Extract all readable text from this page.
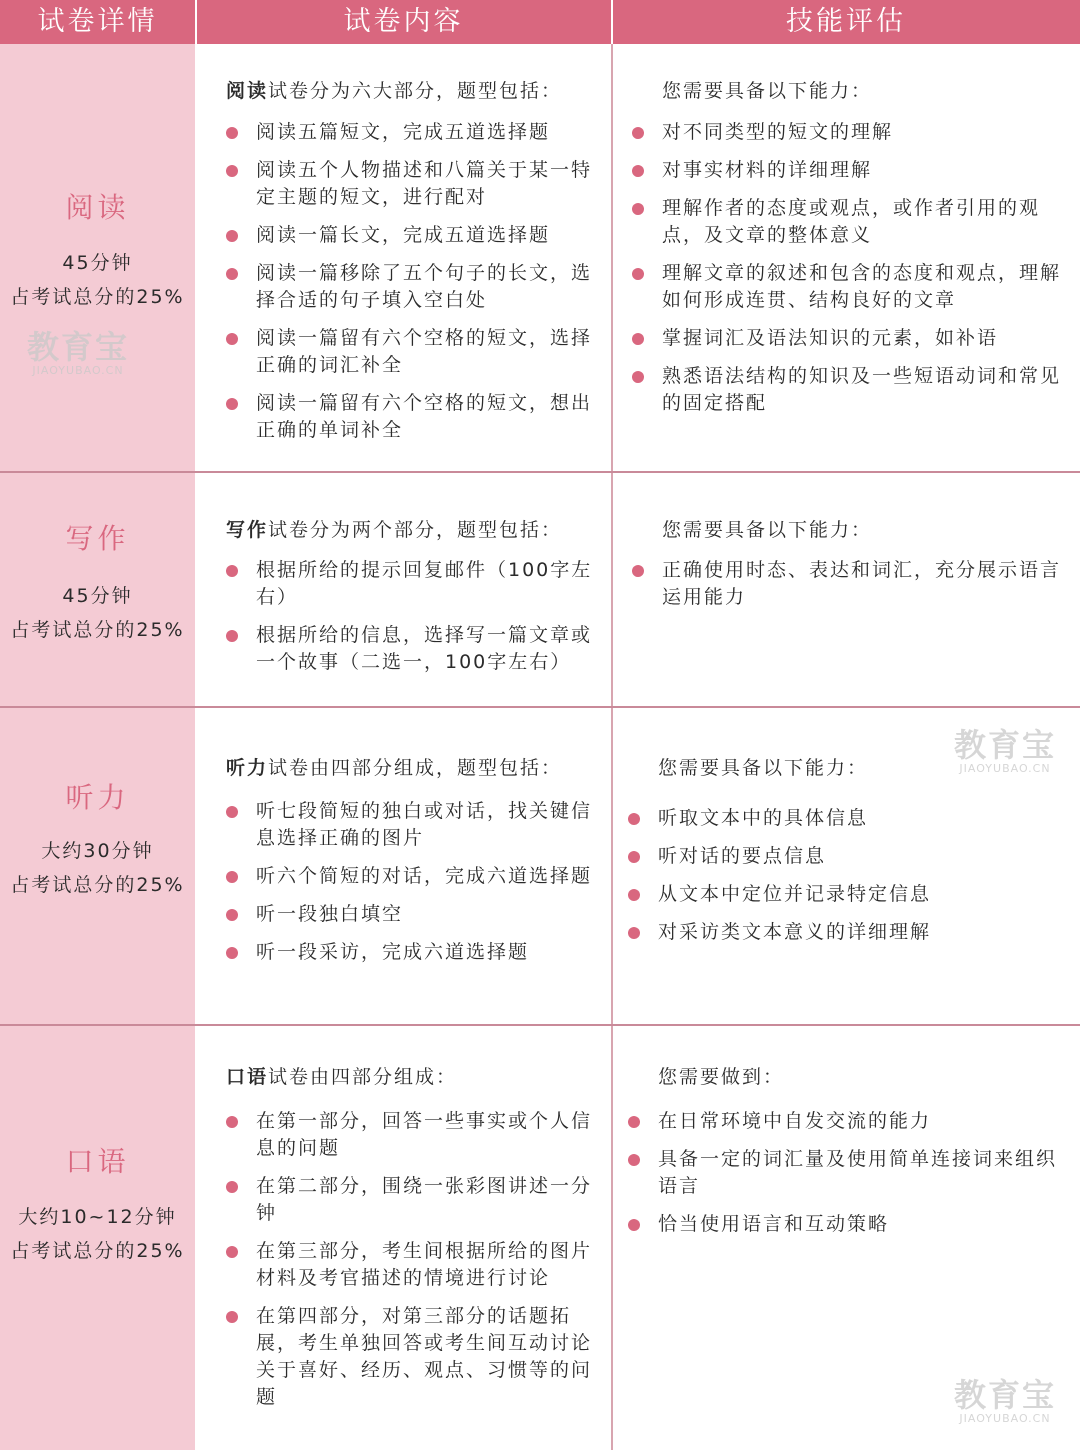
试卷详情	试卷内容	技能评估
阅读
45分钟
占考试总分的25%
阅读试卷分为六大部分，题型包括：
阅读五篇短文，完成五道选择题
阅读五个人物描述和八篇关于某一特定主题的短文，进行配对
阅读一篇长文，完成五道选择题
阅读一篇移除了五个句子的长文，选择合适的句子填入空白处
阅读一篇留有六个空格的短文，选择正确的词汇补全
阅读一篇留有六个空格的短文，想出正确的单词补全
您需要具备以下能力：
对不同类型的短文的理解
对事实材料的详细理解
理解作者的态度或观点，或作者引用的观点，及文章的整体意义
理解文章的叙述和包含的态度和观点，理解如何形成连贯、结构良好的文章
掌握词汇及语法知识的元素，如补语
熟悉语法结构的知识及一些短语动词和常见的固定搭配
写作
45分钟
占考试总分的25%
写作试卷分为两个部分，题型包括：
根据所给的提示回复邮件（100字左右）
根据所给的信息，选择写一篇文章或一个故事（二选一，100字左右）
您需要具备以下能力：
正确使用时态、表达和词汇，充分展示语言运用能力
听力
大约30分钟
占考试总分的25%
听力试卷由四部分组成，题型包括：
听七段简短的独白或对话，找关键信息选择正确的图片
听六个简短的对话，完成六道选择题
听一段独白填空
听一段采访，完成六道选择题
您需要具备以下能力：
听取文本中的具体信息
听对话的要点信息
从文本中定位并记录特定信息
对采访类文本意义的详细理解
口语
大约10~12分钟
占考试总分的25%
口语试卷由四部分组成：
在第一部分，回答一些事实或个人信息的问题
在第二部分，围绕一张彩图讲述一分钟
在第三部分，考生间根据所给的图片材料及考官描述的情境进行讨论
在第四部分，对第三部分的话题拓展，考生单独回答或考生间互动讨论关于喜好、经历、观点、习惯等的问题
您需要做到：
在日常环境中自发交流的能力
具备一定的词汇量及使用简单连接词来组织语言
恰当使用语言和互动策略
教育宝
JIAOYUBAO.CN
教育宝
JIAOYUBAO.CN
教育宝
JIAOYUBAO.CN
